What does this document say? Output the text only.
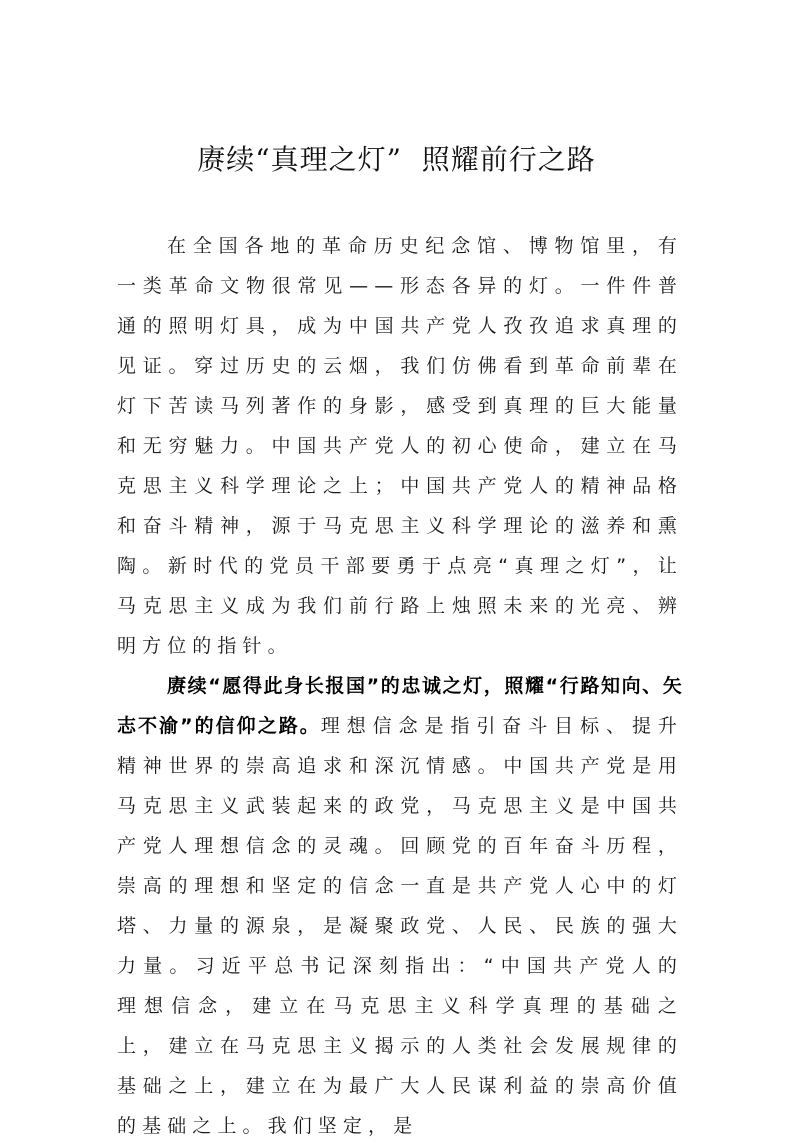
赓续“真理之灯”  照耀前行之路

在全国各地的革命历史纪念馆、博物馆里，有一类革命文物很常见——形态各异的灯。一件件普通的照明灯具，成为中国共产党人孜孜追求真理的见证。穿过历史的云烟，我们仿佛看到革命前辈在灯下苦读马列著作的身影，感受到真理的巨大能量和无穷魅力。中国共产党人的初心使命，建立在马克思主义科学理论之上；中国共产党人的精神品格和奋斗精神，源于马克思主义科学理论的滋养和熏陶。新时代的党员干部要勇于点亮“真理之灯”，让马克思主义成为我们前行路上烛照未来的光亮、辨明方位的指针。

赓续“愿得此身长报国”的忠诚之灯，照耀“行路知向、矢志不渝”的信仰之路。理想信念是指引奋斗目标、提升精神世界的崇高追求和深沉情感。中国共产党是用马克思主义武装起来的政党，马克思主义是中国共产党人理想信念的灵魂。回顾党的百年奋斗历程，崇高的理想和坚定的信念一直是共产党人心中的灯塔、力量的源泉，是凝聚政党、人民、民族的强大力量。习近平总书记深刻指出：“中国共产党人的理想信念，建立在马克思主义科学真理的基础之上，建立在马克思主义揭示的人类社会发展规律的基础之上，建立在为最广大人民谋利益的崇高价值的基础之上。我们坚定，是
